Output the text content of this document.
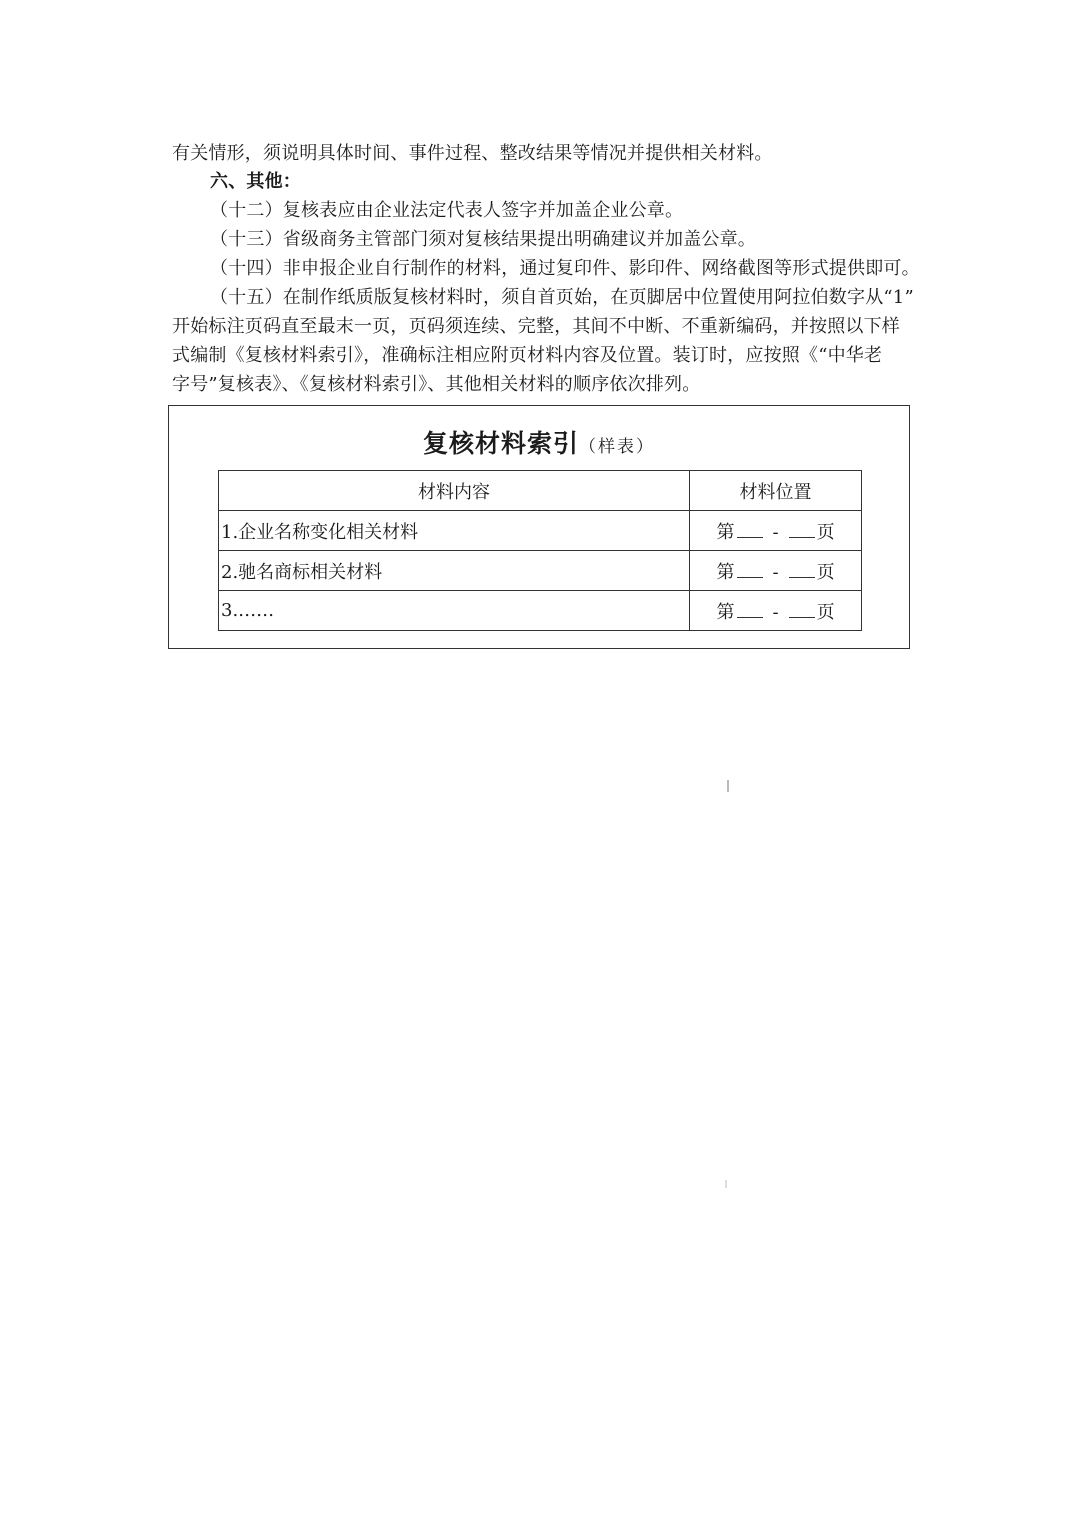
有关情形，须说明具体时间、事件过程、整改结果等情况并提供相关材料。
六、其他：
（十二）复核表应由企业法定代表人签字并加盖企业公章。
（十三）省级商务主管部门须对复核结果提出明确建议并加盖公章。
（十四）非申报企业自行制作的材料，通过复印件、影印件、网络截图等形式提供即可。
（十五）在制作纸质版复核材料时，须自首页始，在页脚居中位置使用阿拉伯数字从“1”
开始标注页码直至最末一页，页码须连续、完整，其间不中断、不重新编码，并按照以下样
式编制《复核材料索引》，准确标注相应附页材料内容及位置。装订时，应按照《“中华老
字号”复核表》、《复核材料索引》、其他相关材料的顺序依次排列。
复核材料索引（样表）
材料内容	材料位置
1.企业名称变化相关材料	第 - 页
2.驰名商标相关材料	第 - 页
3.……	第 - 页
